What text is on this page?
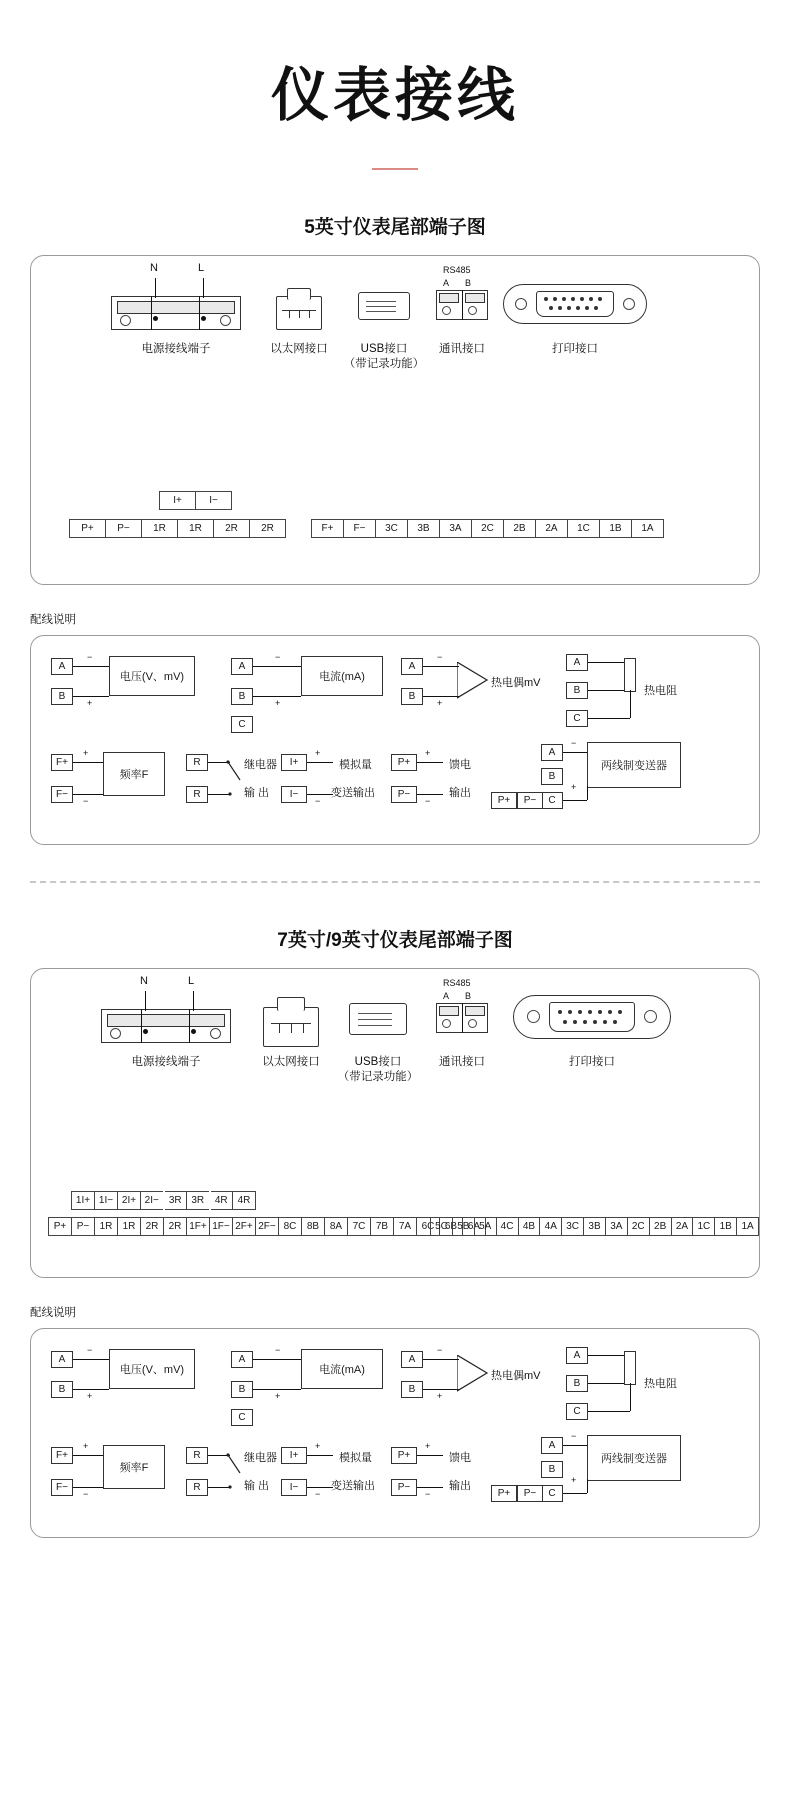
仪表接线
5英寸仪表尾部端子图
N	L
电源接线端子	以太网接口	USB接口
（带记录功能）
RS485
A B
通讯接口	打印接口
I+	I−
P+	P−	1R	1R	2R	2R	F+	F−	3C	3B	3A	2C	2B	2A	1C	1B	1A
配线说明
A
B
−
+
电压(V、mV)
A
B
C
−
+
电流(mA)
A
B
−
+
热电偶mV
A
B
C
热电阻
F+
F−
+
−
频率F
R
R
继电器
输 出
I+
I−
+
−
模拟量
变送输出
P+
P−
+
−
馈电
输出
A
B
C
P+	P−
两线制变送器
−
+
7英寸/9英寸仪表尾部端子图
N	L
电源接线端子	以太网接口	USB接口
（带记录功能）
RS485
A B
通讯接口	打印接口
1I+	1I−	2I+	2I−	3R	3R	4R	4R
P+	P−	1R	1R	2R	2R	1F+	1F−	2F+	2F−	8C	8B	8A	7C	7B	7A	6C	6B	6A
5C	5B	5A	4C	4B	4A	3C	3B	3A	2C	2B	2A	1C	1B	1A
配线说明
A
B
−
+
电压(V、mV)
A
B
C
−
+
电流(mA)
A
B
−
+
热电偶mV
A
B
C
热电阻
F+
F−
+
−
频率F
R
R
继电器
输 出
I+
I−
+
−
模拟量
变送输出
P+
P−
+
−
馈电
输出
A
B
C
P+	P−
两线制变送器
−
+
